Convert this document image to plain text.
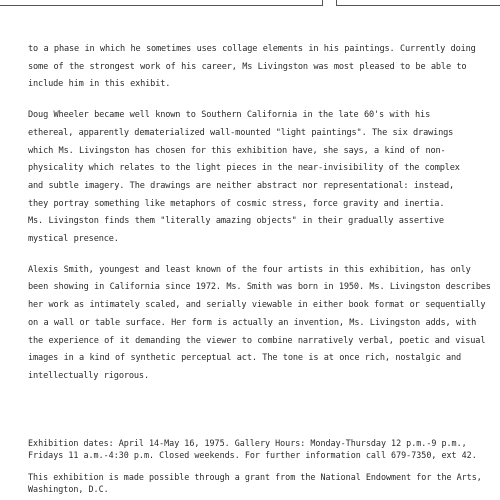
to a phase in which he sometimes uses collage elements in his paintings. Currently doing
some of the strongest work of his career, Ms Livingston was most pleased to be able to
include him in this exhibit.

Doug Wheeler became well known to Southern California in the late 60's with his
ethereal, apparently dematerialized wall-mounted "light paintings". The six drawings
which Ms. Livingston has chosen for this exhibition have, she says, a kind of non-
physicality which relates to the light pieces in the near-invisibility of the complex
and subtle imagery. The drawings are neither abstract nor representational: instead,
they portray something like metaphors of cosmic stress, force gravity and inertia.
Ms. Livingston finds them "literally amazing objects" in their gradually assertive
mystical presence.

Alexis Smith, youngest and least known of the four artists in this exhibition, has only
been showing in California since 1972. Ms. Smith was born in 1950. Ms. Livingston describes
her work as intimately scaled, and serially viewable in either book format or sequentially
on a wall or table surface. Her form is actually an invention, Ms. Livingston adds, with
the experience of it demanding the viewer to combine narratively verbal, poetic and visual
images in a kind of synthetic perceptual act. The tone is at once rich, nostalgic and
intellectually rigorous.

Exhibition dates: April 14-May 16, 1975. Gallery Hours: Monday-Thursday 12 p.m.-9 p.m.,
Fridays 11 a.m.-4:30 p.m. Closed weekends. For further information call 679-7350, ext 42.
This exhibition is made possible through a grant from the National Endowment for the Arts,
Washington, D.C.
